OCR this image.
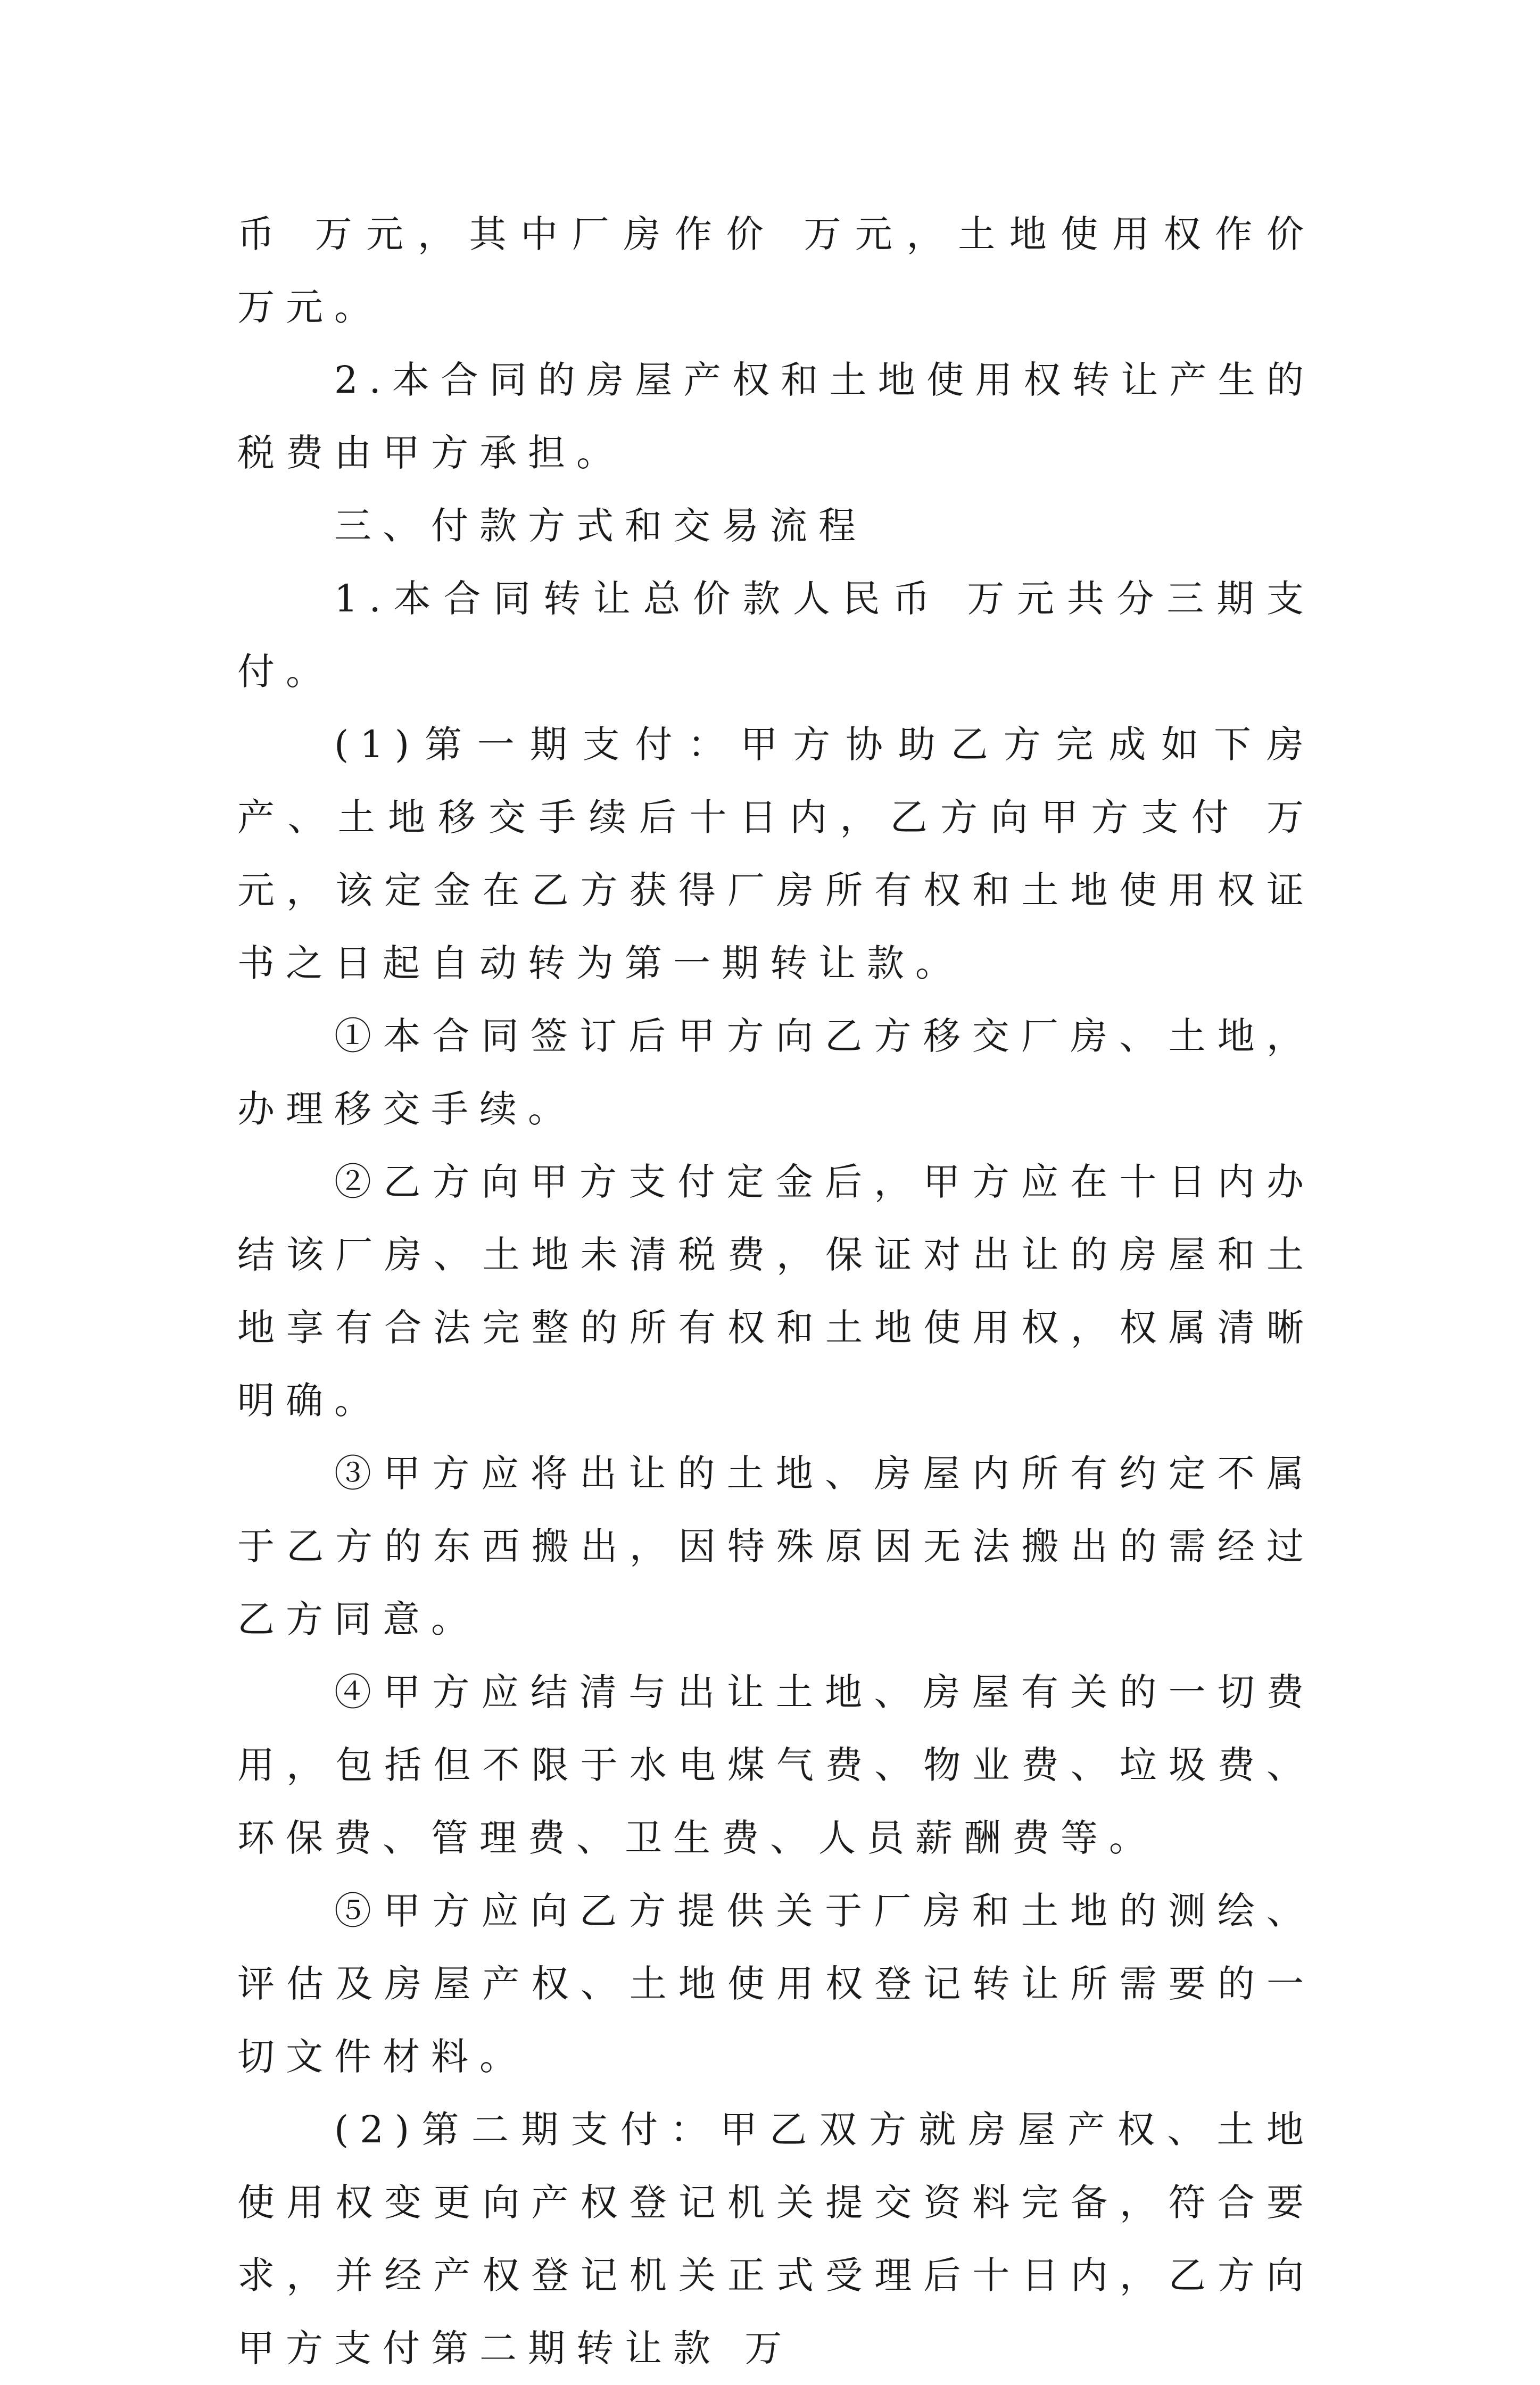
币 万元，其中厂房作价 万元，土地使用权作价 万元。

2.本合同的房屋产权和土地使用权转让产生的税费由甲方承担。

三、付款方式和交易流程

1.本合同转让总价款人民币 万元共分三期支付。

(1)第一期支付：甲方协助乙方完成如下房产、土地移交手续后十日内，乙方向甲方支付 万元，该定金在乙方获得厂房所有权和土地使用权证书之日起自动转为第一期转让款。

①本合同签订后甲方向乙方移交厂房、土地，办理移交手续。

②乙方向甲方支付定金后，甲方应在十日内办结该厂房、土地未清税费，保证对出让的房屋和土地享有合法完整的所有权和土地使用权，权属清晰明确。

③甲方应将出让的土地、房屋内所有约定不属于乙方的东西搬出，因特殊原因无法搬出的需经过乙方同意。

④甲方应结清与出让土地、房屋有关的一切费用，包括但不限于水电煤气费、物业费、垃圾费、环保费、管理费、卫生费、人员薪酬费等。

⑤甲方应向乙方提供关于厂房和土地的测绘、评估及房屋产权、土地使用权登记转让所需要的一切文件材料。

(2)第二期支付：甲乙双方就房屋产权、土地使用权变更向产权登记机关提交资料完备，符合要求，并经产权登记机关正式受理后十日内，乙方向甲方支付第二期转让款 万
